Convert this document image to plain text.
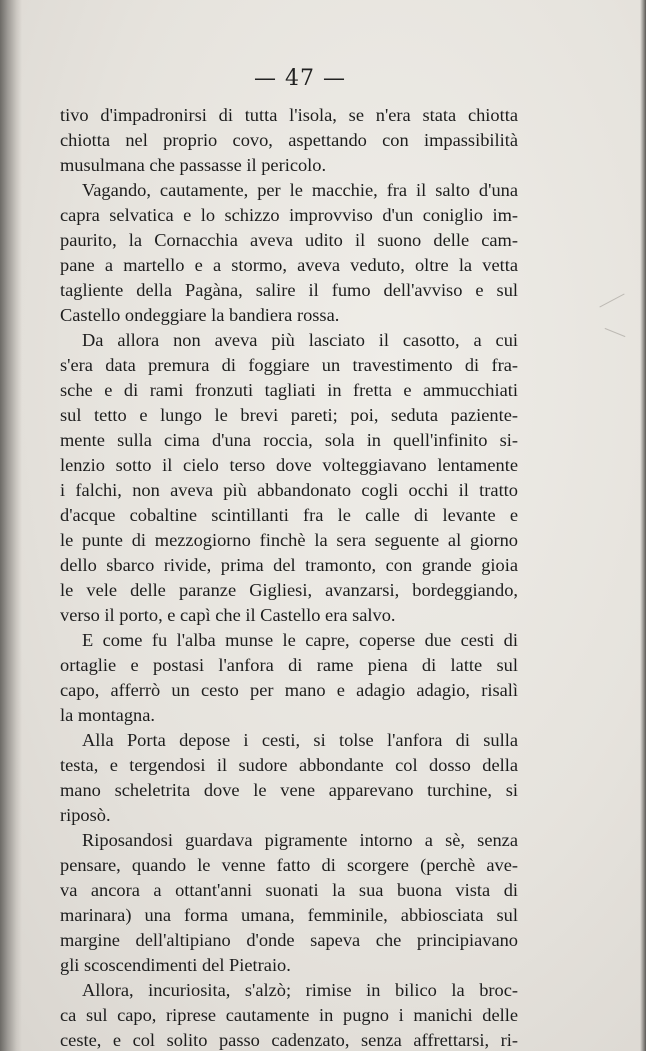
— 47 —
tivo d'impadronirsi di tutta l'isola, se n'era stata chiotta
chiotta nel proprio covo, aspettando con impassibilità
musulmana che passasse il pericolo.
Vagando, cautamente, per le macchie, fra il salto d'una
capra selvatica e lo schizzo improvviso d'un coniglio im-
paurito, la Cornacchia aveva udito il suono delle cam-
pane a martello e a stormo, aveva veduto, oltre la vetta
tagliente della Pagàna, salire il fumo dell'avviso e sul
Castello ondeggiare la bandiera rossa.
Da allora non aveva più lasciato il casotto, a cui
s'era data premura di foggiare un travestimento di fra-
sche e di rami fronzuti tagliati in fretta e ammucchiati
sul tetto e lungo le brevi pareti; poi, seduta paziente-
mente sulla cima d'una roccia, sola in quell'infinito si-
lenzio sotto il cielo terso dove volteggiavano lentamente
i falchi, non aveva più abbandonato cogli occhi il tratto
d'acque cobaltine scintillanti fra le calle di levante e
le punte di mezzogiorno finchè la sera seguente al giorno
dello sbarco rivide, prima del tramonto, con grande gioia
le vele delle paranze Gigliesi, avanzarsi, bordeggiando,
verso il porto, e capì che il Castello era salvo.
E come fu l'alba munse le capre, coperse due cesti di
ortaglie e postasi l'anfora di rame piena di latte sul
capo, afferrò un cesto per mano e adagio adagio, risalì
la montagna.
Alla Porta depose i cesti, si tolse l'anfora di sulla
testa, e tergendosi il sudore abbondante col dosso della
mano scheletrita dove le vene apparevano turchine, si
riposò.
Riposandosi guardava pigramente intorno a sè, senza
pensare, quando le venne fatto di scorgere (perchè ave-
va ancora a ottant'anni suonati la sua buona vista di
marinara) una forma umana, femminile, abbiosciata sul
margine dell'altipiano d'onde sapeva che principiavano
gli scoscendimenti del Pietraio.
Allora, incuriosita, s'alzò; rimise in bilico la broc-
ca sul capo, riprese cautamente in pugno i manichi delle
ceste, e col solito passo cadenzato, senza affrettarsi, ri-
